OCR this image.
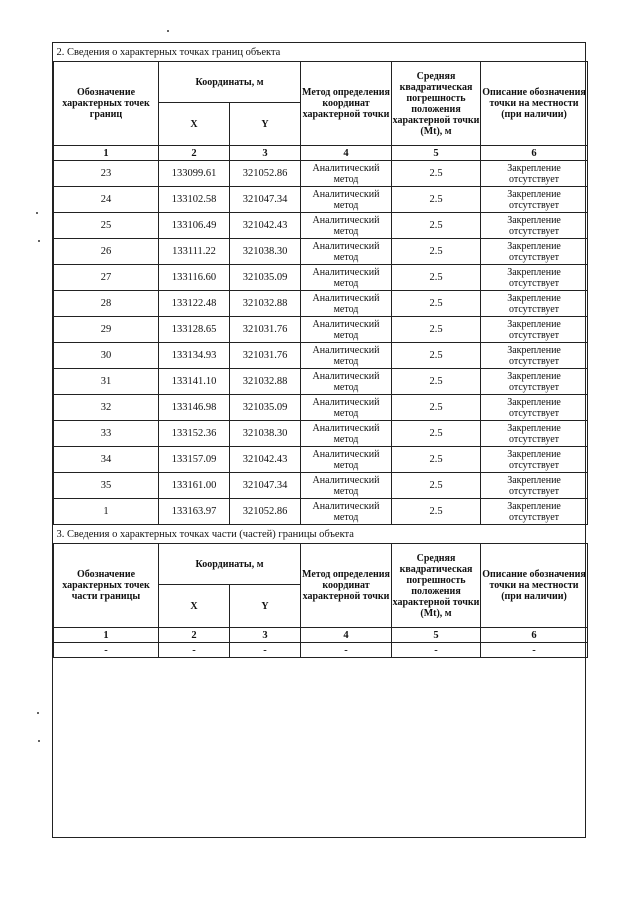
2. Сведения о характерных точках границ объекта					
Обозначение характерных точек границ	Координаты, м		Метод определения координат характерной точки	Средняя квадратическая погрешность положения характерной точки (Mt), м	Описание обозначения точки на местности (при наличии)
	X	Y			
1	2	3	4	5	6
23	133099.61	321052.86	Аналитический метод	2.5	Закрепление отсутствует
24	133102.58	321047.34	Аналитический метод	2.5	Закрепление отсутствует
25	133106.49	321042.43	Аналитический метод	2.5	Закрепление отсутствует
26	133111.22	321038.30	Аналитический метод	2.5	Закрепление отсутствует
27	133116.60	321035.09	Аналитический метод	2.5	Закрепление отсутствует
28	133122.48	321032.88	Аналитический метод	2.5	Закрепление отсутствует
29	133128.65	321031.76	Аналитический метод	2.5	Закрепление отсутствует
30	133134.93	321031.76	Аналитический метод	2.5	Закрепление отсутствует
31	133141.10	321032.88	Аналитический метод	2.5	Закрепление отсутствует
32	133146.98	321035.09	Аналитический метод	2.5	Закрепление отсутствует
33	133152.36	321038.30	Аналитический метод	2.5	Закрепление отсутствует
34	133157.09	321042.43	Аналитический метод	2.5	Закрепление отсутствует
35	133161.00	321047.34	Аналитический метод	2.5	Закрепление отсутствует
1	133163.97	321052.86	Аналитический метод	2.5	Закрепление отсутствует
3. Сведения о характерных точках части (частей) границы объекта					
Обозначение характерных точек части границы	Координаты, м		Метод определения координат характерной точки	Средняя квадратическая погрешность положения характерной точки (Mt), м	Описание обозначения точки на местности (при наличии)
	X	Y			
1	2	3	4	5	6
-	-	-	-	-	-
